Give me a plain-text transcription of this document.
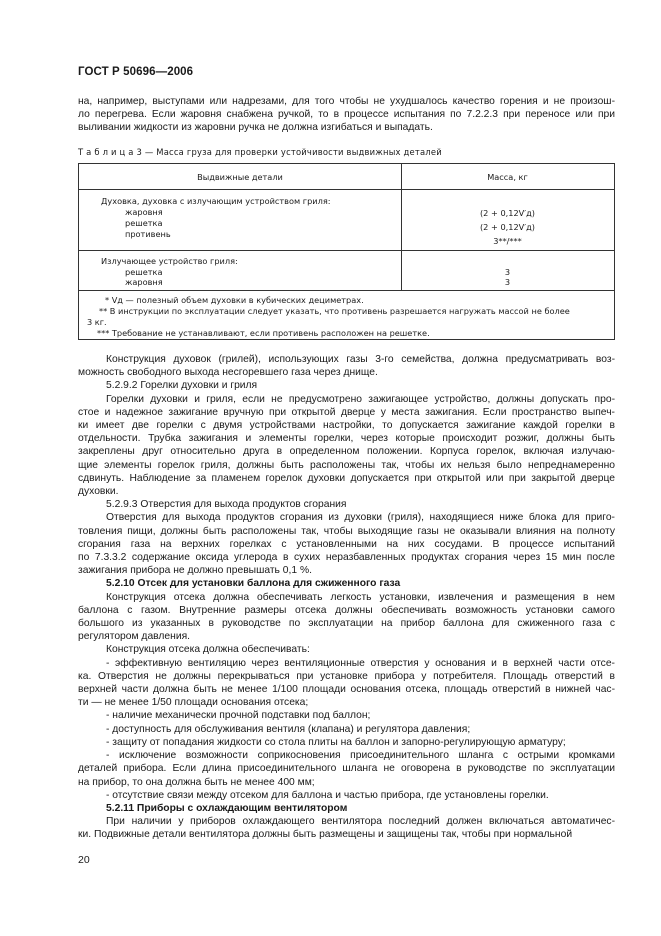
ГОСТ Р 50696—2006
на, например, выступами или надрезами, для того чтобы не ухудшалось качество горения и не произош-
ло перегрева. Если жаровня снабжена ручкой, то в процессе испытания по 7.2.2.3 при переносе или при
выливании жидкости из жаровни ручка не должна изгибаться и выпадать.
Т а б л и ц а 3 — Масса груза для проверки устойчивости выдвижных деталей
Выдвижные детали	Масса, кг
Духовка, духовка с излучающим устройством гриля:
жаровня
решетка
противень
(2 + 0,12V′д)
(2 + 0,12V′д)
3**/***
Излучающее устройство гриля:
решетка
жаровня
3
3
* Vд — полезный объем духовки в кубических дециметрах.
** В инструкции по эксплуатации следует указать, что противень разрешается нагружать массой не более
3 кг.
*** Требование не устанавливают, если противень расположен на решетке.
Конструкция духовок (грилей), использующих газы 3-го семейства, должна предусматривать воз-
можность свободного выхода несгоревшего газа через днище.
5.2.9.2 Горелки духовки и гриля
Горелки духовки и гриля, если не предусмотрено зажигающее устройство, должны допускать про-
стое и надежное зажигание вручную при открытой дверце у места зажигания. Если пространство выпеч-
ки имеет две горелки с двумя устройствами настройки, то допускается зажигание каждой горелки в
отдельности. Трубка зажигания и элементы горелки, через которые происходит розжиг, должны быть
закреплены друг относительно друга в определенном положении. Корпуса горелок, включая излучаю-
щие элементы горелок гриля, должны быть расположены так, чтобы их нельзя было непреднамеренно
сдвинуть. Наблюдение за пламенем горелок духовки допускается при открытой или при закрытой дверце
духовки.
5.2.9.3 Отверстия для выхода продуктов сгорания
Отверстия для выхода продуктов сгорания из духовки (гриля), находящиеся ниже блока для приго-
товления пищи, должны быть расположены так, чтобы выходящие газы не оказывали влияния на полноту
сгорания газа на верхних горелках с установленными на них сосудами. В процессе испытаний
по 7.3.3.2 содержание оксида углерода в сухих неразбавленных продуктах сгорания через 15 мин после
зажигания прибора не должно превышать 0,1 %.
5.2.10 Отсек для установки баллона для сжиженного газа
Конструкция отсека должна обеспечивать легкость установки, извлечения и размещения в нем
баллона с газом. Внутренние размеры отсека должны обеспечивать возможность установки самого
большого из указанных в руководстве по эксплуатации на прибор баллона для сжиженного газа с
регулятором давления.
Конструкция отсека должна обеспечивать:
- эффективную вентиляцию через вентиляционные отверстия у основания и в верхней части отсе-
ка. Отверстия не должны перекрываться при установке прибора у потребителя. Площадь отверстий в
верхней части должна быть не менее 1/100 площади основания отсека, площадь отверстий в нижней час-
ти — не менее 1/50 площади основания отсека;
- наличие механически прочной подставки под баллон;
- доступность для обслуживания вентиля (клапана) и регулятора давления;
- защиту от попадания жидкости со стола плиты на баллон и запорно-регулирующую арматуру;
- исключение возможности соприкосновения присоединительного шланга с острыми кромками
деталей прибора. Если длина присоединительного шланга не оговорена в руководстве по эксплуатации
на прибор, то она должна быть не менее 400 мм;
- отсутствие связи между отсеком для баллона и частью прибора, где установлены горелки.
5.2.11 Приборы с охлаждающим вентилятором
При наличии у приборов охлаждающего вентилятора последний должен включаться автоматичес-
ки. Подвижные детали вентилятора должны быть размещены и защищены так, чтобы при нормальной
20
